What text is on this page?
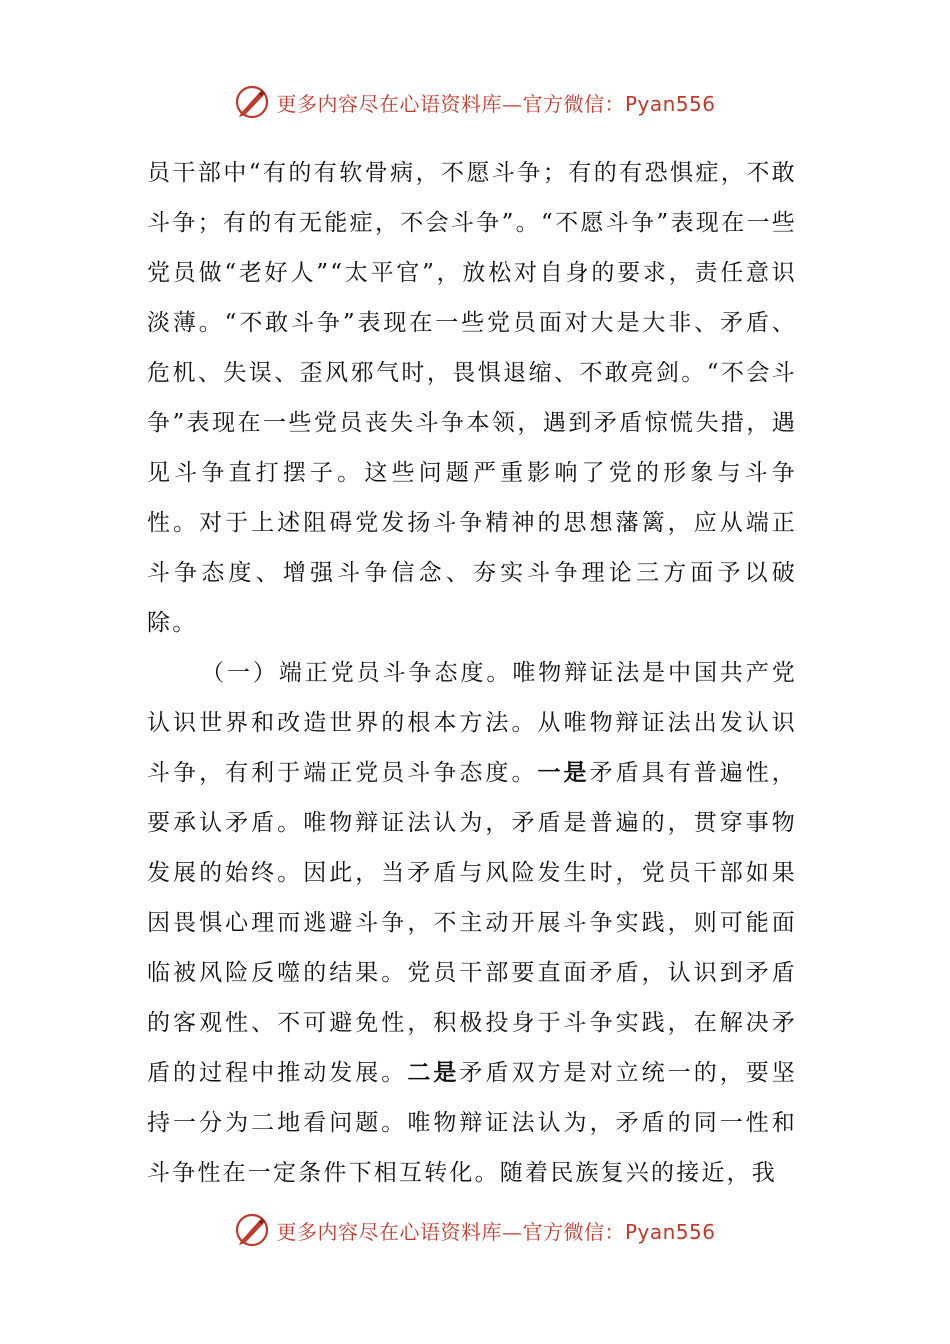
更多内容尽在心语资料库—官方微信：Pyan556

员干部中“有的有软骨病，不愿斗争；有的有恐惧症，不敢斗争；有的有无能症，不会斗争”。“不愿斗争”表现在一些党员做“老好人”“太平官”，放松对自身的要求，责任意识淡薄。“不敢斗争”表现在一些党员面对大是大非、矛盾、危机、失误、歪风邪气时，畏惧退缩、不敢亮剑。“不会斗争”表现在一些党员丧失斗争本领，遇到矛盾惊慌失措，遇见斗争直打摆子。这些问题严重影响了党的形象与斗争性。对于上述阻碍党发扬斗争精神的思想藩篱，应从端正斗争态度、增强斗争信念、夯实斗争理论三方面予以破除。

（一）端正党员斗争态度。唯物辩证法是中国共产党认识世界和改造世界的根本方法。从唯物辩证法出发认识斗争，有利于端正党员斗争态度。一是矛盾具有普遍性，要承认矛盾。唯物辩证法认为，矛盾是普遍的，贯穿事物发展的始终。因此，当矛盾与风险发生时，党员干部如果因畏惧心理而逃避斗争，不主动开展斗争实践，则可能面临被风险反噬的结果。党员干部要直面矛盾，认识到矛盾的客观性、不可避免性，积极投身于斗争实践，在解决矛盾的过程中推动发展。二是矛盾双方是对立统一的，要坚持一分为二地看问题。唯物辩证法认为，矛盾的同一性和斗争性在一定条件下相互转化。随着民族复兴的接近，我

更多内容尽在心语资料库—官方微信：Pyan556
